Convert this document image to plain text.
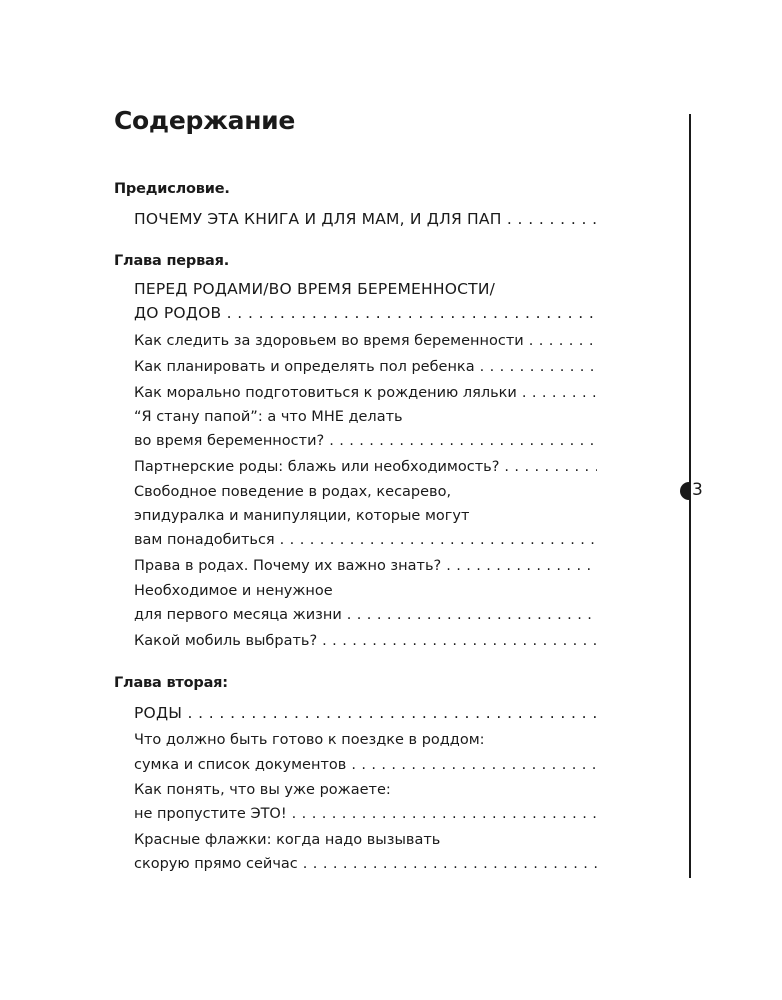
Содержание
Предисловие.
ПОЧЕМУ ЭТА КНИГА И ДЛЯ МАМ, И ДЛЯ ПАП . . .
Глава первая.
ПЕРЕД РОДАМИ/ВО ВРЕМЯ БЕРЕМЕННОСТИ/
ДО РОДОВ . . .
Как следить за здоровьем во время беременности . . .
Как планировать и определять пол ребенка . . .
Как морально подготовиться к рождению ляльки . . .
“Я стану папой”: а что МНЕ делать
во время беременности? . . .
Партнерские роды: блажь или необходимость? . . .
Свободное поведение в родах, кесарево,
эпидуралка и манипуляции, которые могут
вам понадобиться . . .
Права в родах. Почему их важно знать? . . .
Необходимое и ненужное
для первого месяца жизни . . .
Какой мобиль выбрать? . . .
Глава вторая:
РОДЫ . . .
Что должно быть готово к поездке в роддом:
сумка и список документов . . .
Как понять, что вы уже рожаете:
не пропустите ЭТО! . . .
Красные флажки: когда надо вызывать
скорую прямо сейчас . . .
3
